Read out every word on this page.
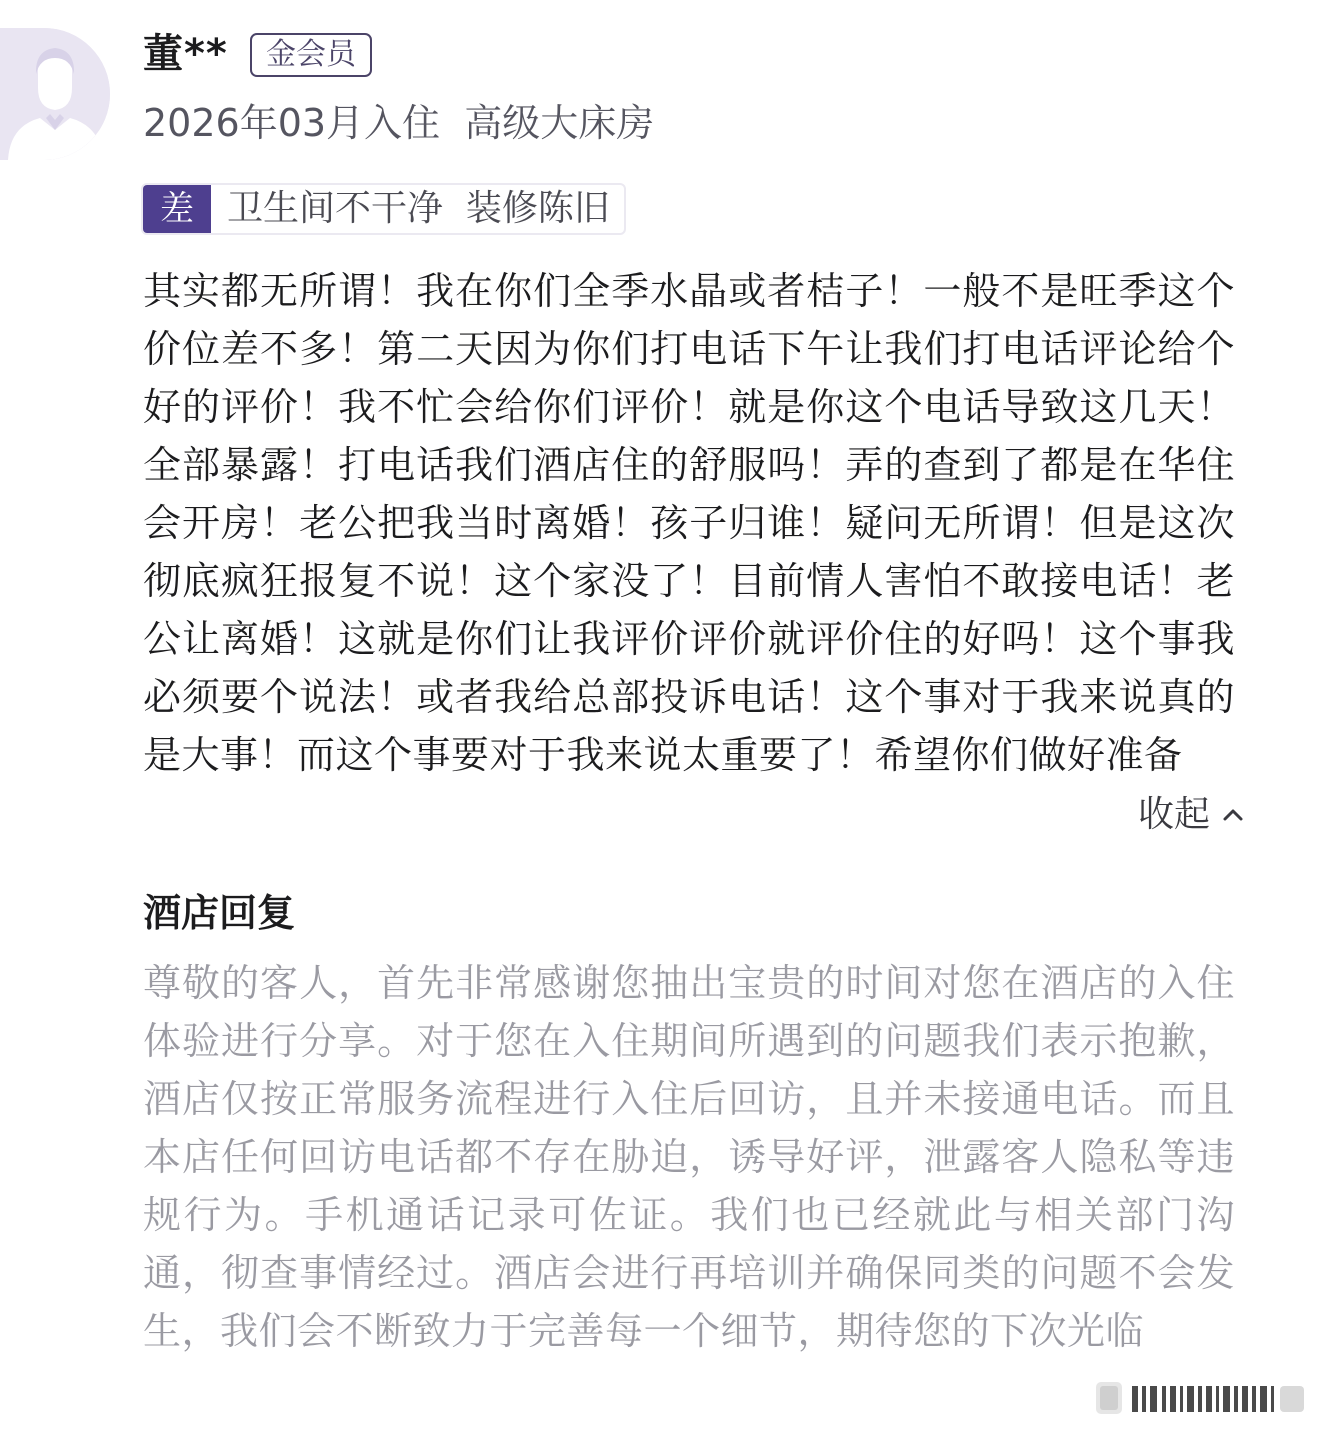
董**	金会员
2026年03月入住  高级大床房
差 卫生间不干净  装修陈旧
其实都无所谓！我在你们全季水晶或者桔子！一般不是旺季这个价位差不多！第二天因为你们打电话下午让我们打电话评论给个好的评价！我不忙会给你们评价！就是你这个电话导致这几天！全部暴露！打电话我们酒店住的舒服吗！弄的查到了都是在华住会开房！老公把我当时离婚！孩子归谁！疑问无所谓！但是这次彻底疯狂报复不说！这个家没了！目前情人害怕不敢接电话！老公让离婚！这就是你们让我评价评价就评价住的好吗！这个事我必须要个说法！或者我给总部投诉电话！这个事对于我来说真的是大事！而这个事要对于我来说太重要了！希望你们做好准备
收起
酒店回复
尊敬的客人，首先非常感谢您抽出宝贵的时间对您在酒店的入住体验进行分享。对于您在入住期间所遇到的问题我们表示抱歉，酒店仅按正常服务流程进行入住后回访，且并未接通电话。而且本店任何回访电话都不存在胁迫，诱导好评，泄露客人隐私等违规行为。手机通话记录可佐证。我们也已经就此与相关部门沟通，彻查事情经过。酒店会进行再培训并确保同类的问题不会发生，我们会不断致力于完善每一个细节，期待您的下次光临
